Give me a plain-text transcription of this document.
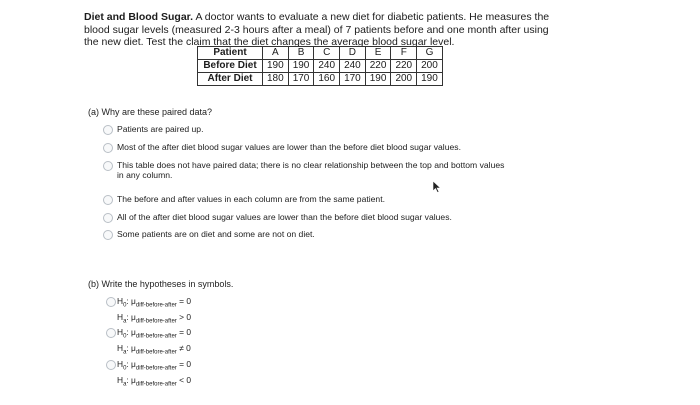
Diet and Blood Sugar. A doctor wants to evaluate a new diet for diabetic patients. He measures the blood sugar levels (measured 2-3 hours after a meal) of 7 patients before and one month after using the new diet. Test the claim that the diet changes the average blood sugar level.
Patient	A	B	C	D	E	F	G
Before Diet	190	190	240	240	220	220	200
After Diet	180	170	160	170	190	200	190
(a) Why are these paired data?
Patients are paired up.
Most of the after diet blood sugar values are lower than the before diet blood sugar values.
This table does not have paired data; there is no clear relationship between the top and bottom values
in any column.
The before and after values in each column are from the same patient.
All of the after diet blood sugar values are lower than the before diet blood sugar values.
Some patients are on diet and some are not on diet.
(b) Write the hypotheses in symbols.
$H_0$: $\mu_{diff-before-after} = 0$
$H_a$: $\mu_{diff-before-after} > 0$
$H_0$: $\mu_{diff-before-after} = 0$
$H_a$: $\mu_{diff-before-after} \ne 0$
$H_0$: $\mu_{diff-before-after} = 0$
$H_a$: $\mu_{diff-before-after} < 0$
